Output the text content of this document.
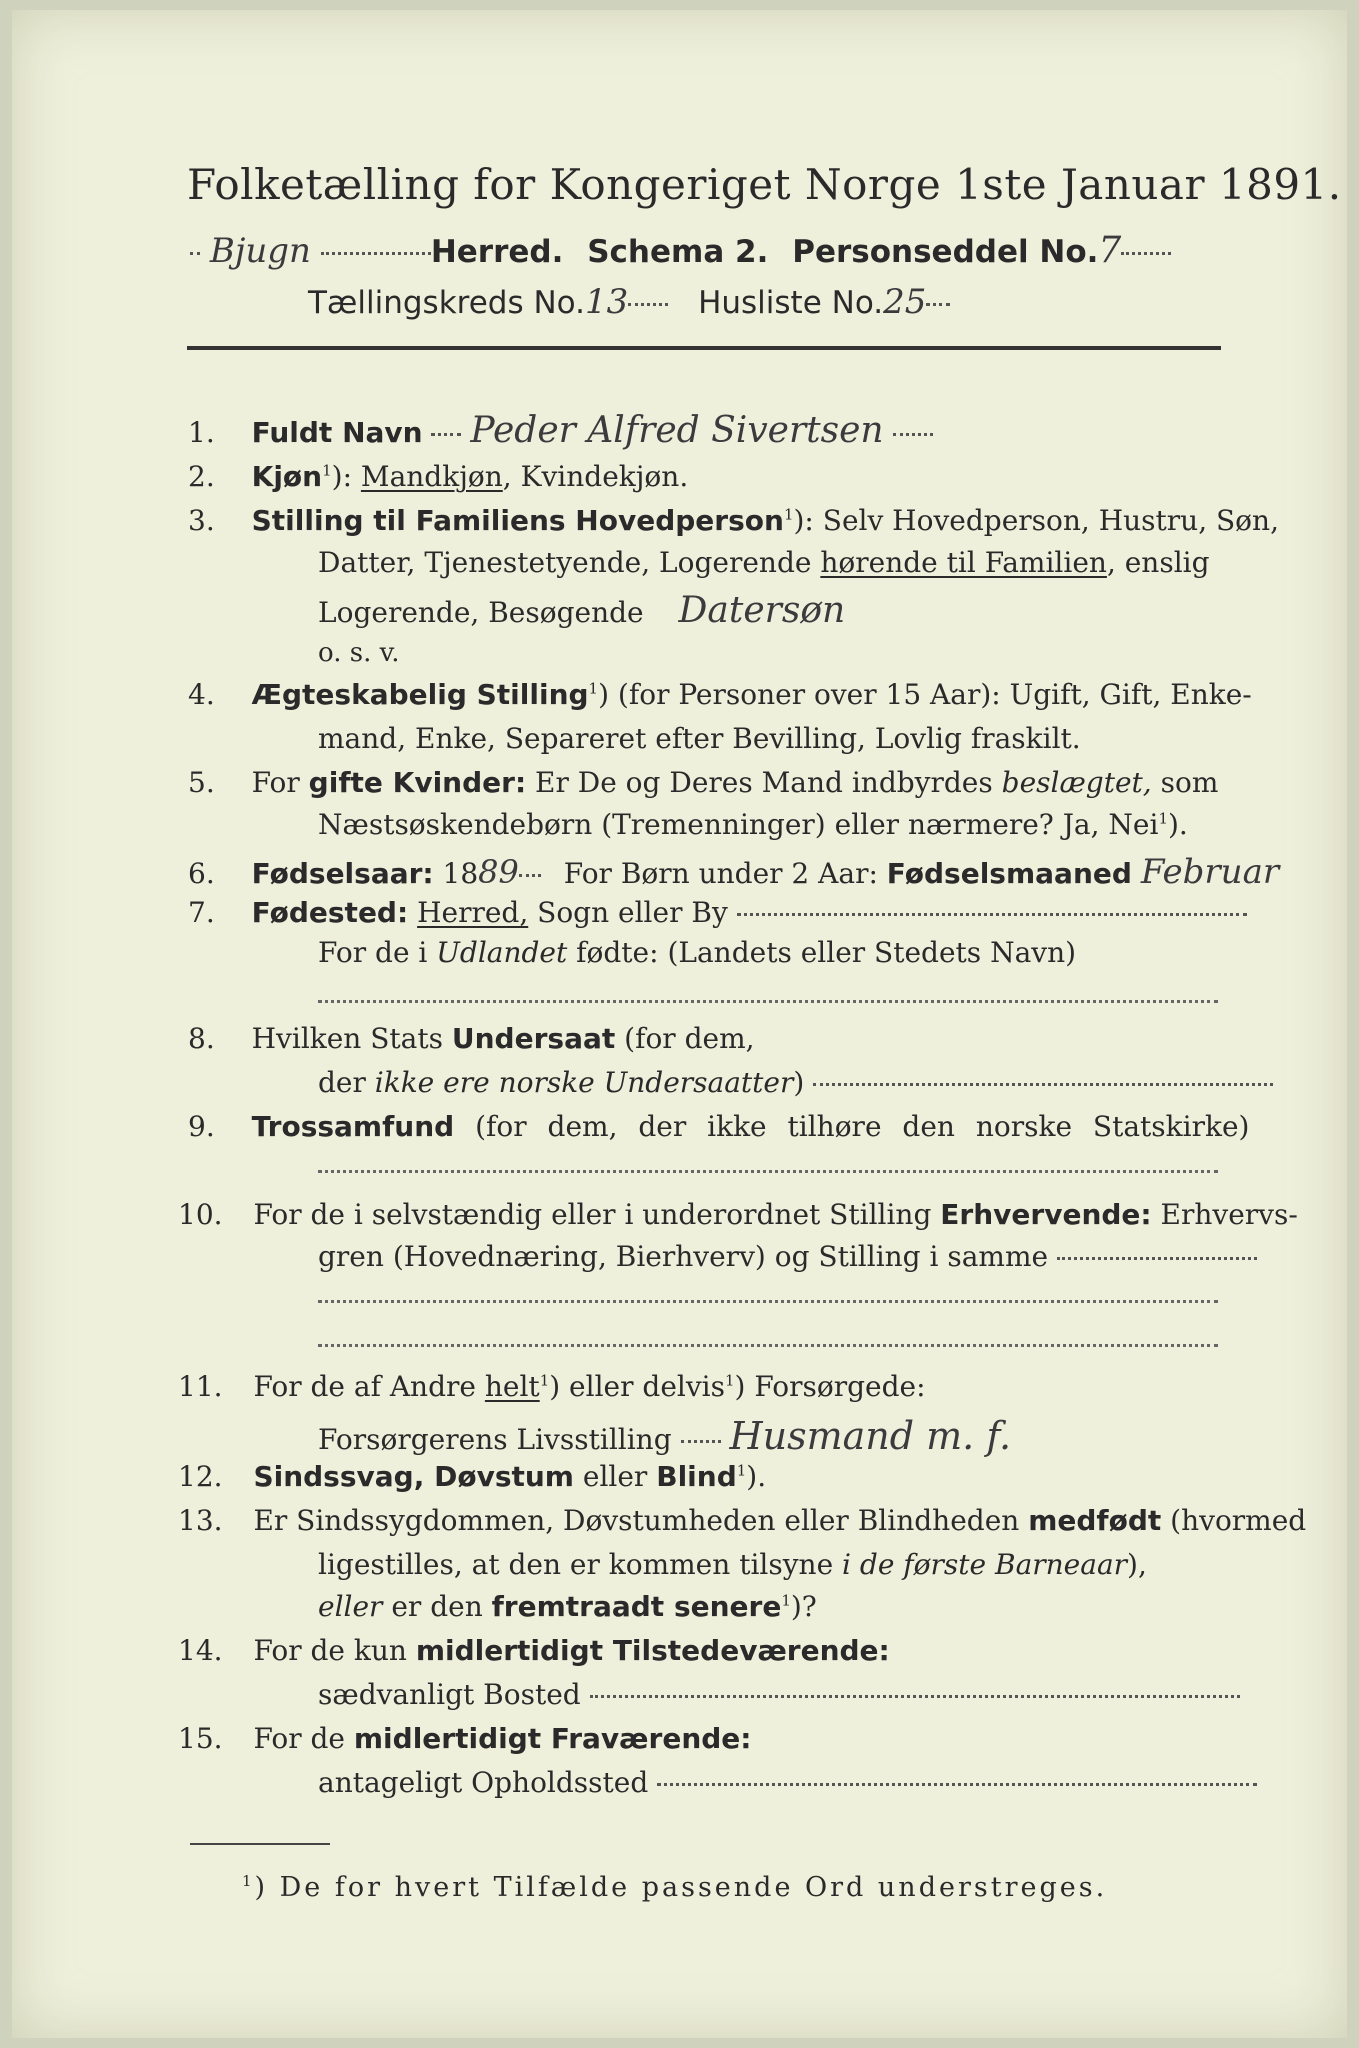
Folketælling for Kongeriget Norge 1ste Januar 1891.
Bjugn	Herred. Schema 2. Personseddel No.7
Tællingskreds No.13 Husliste No.25
1. Fuldt Navn Peder Alfred Sivertsen
2. Kjøn$^1$): Mandkjøn, Kvindekjøn.
3. Stilling til Familiens Hovedperson$^1$): Selv Hovedperson, Hustru, Søn,
Datter, Tjenestetyende, Logerende hørende til Familien, enslig
Logerende, Besøgende Datersøn
o. s. v.
4. Ægteskabelig Stilling$^1$) (for Personer over 15 Aar): Ugift, Gift, Enke-
mand, Enke, Separeret efter Bevilling, Lovlig fraskilt.
5. For gifte Kvinder: Er De og Deres Mand indbyrdes beslægtet, som
Næstsøskendebørn (Tremenninger) eller nærmere? Ja, Nei$^1$).
6. Fødselsaar: 1889 For Børn under 2 Aar: Fødselsmaaned Februar
7. Fødested: Herred, Sogn eller By
For de i Udlandet fødte: (Landets eller Stedets Navn)
8. Hvilken Stats Undersaat (for dem,
der ikke ere norske Undersaatter)
9. Trossamfund (for dem, der ikke tilhøre den norske Statskirke)
10. For de i selvstændig eller i underordnet Stilling Erhvervende: Erhvervs-
gren (Hovednæring, Bierhverv) og Stilling i samme
11. For de af Andre helt$^1$) eller delvis$^1$) Forsørgede:
Forsørgerens Livsstilling Husmand m. f.
12. Sindssvag, Døvstum eller Blind$^1$).
13. Er Sindssygdommen, Døvstumheden eller Blindheden medfødt (hvormed
ligestilles, at den er kommen tilsyne i de første Barneaar),
eller er den fremtraadt senere$^1$)?
14. For de kun midlertidigt Tilstedeværende:
sædvanligt Bosted
15. For de midlertidigt Fraværende:
antageligt Opholdssted
$^1$) De for hvert Tilfælde passende Ord understreges.
